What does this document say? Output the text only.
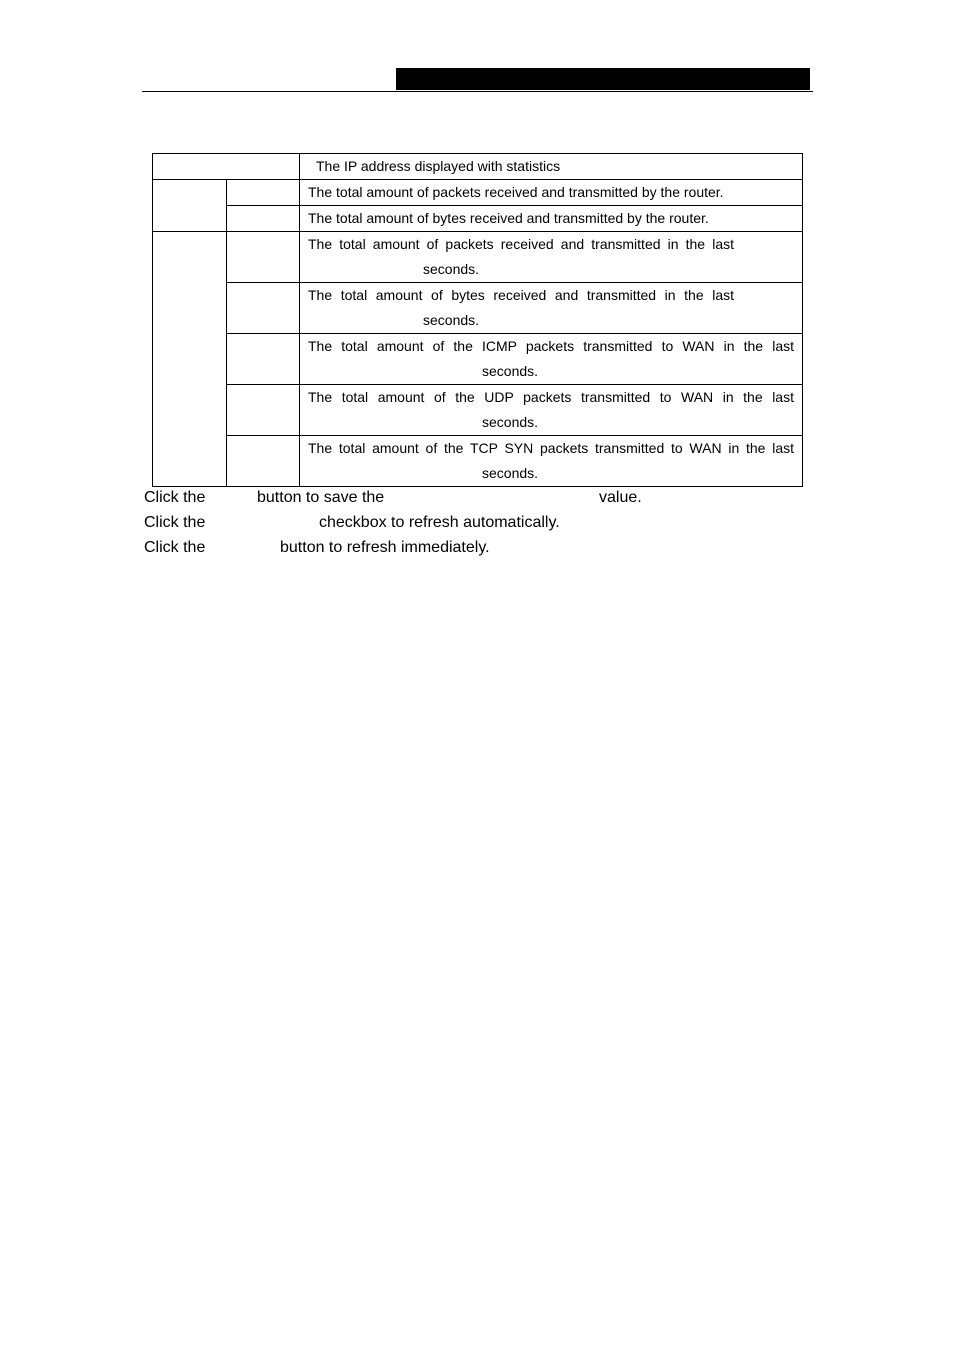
		The IP address displayed with statistics
		The total amount of packets received and transmitted by the router.
		The total amount of bytes received and transmitted by the router.

		The total amount of packets received and transmitted in the last
seconds.

		The total amount of bytes received and transmitted in the last
seconds.

		The total amount of the ICMP packets transmitted to WAN in the last
seconds.

		The total amount of the UDP packets transmitted to WAN in the last
seconds.

		The total amount of the TCP SYN packets transmitted to WAN in the last
seconds.
Click the	button to save the	value.
Click the	checkbox to refresh automatically.
Click the	button to refresh immediately.
